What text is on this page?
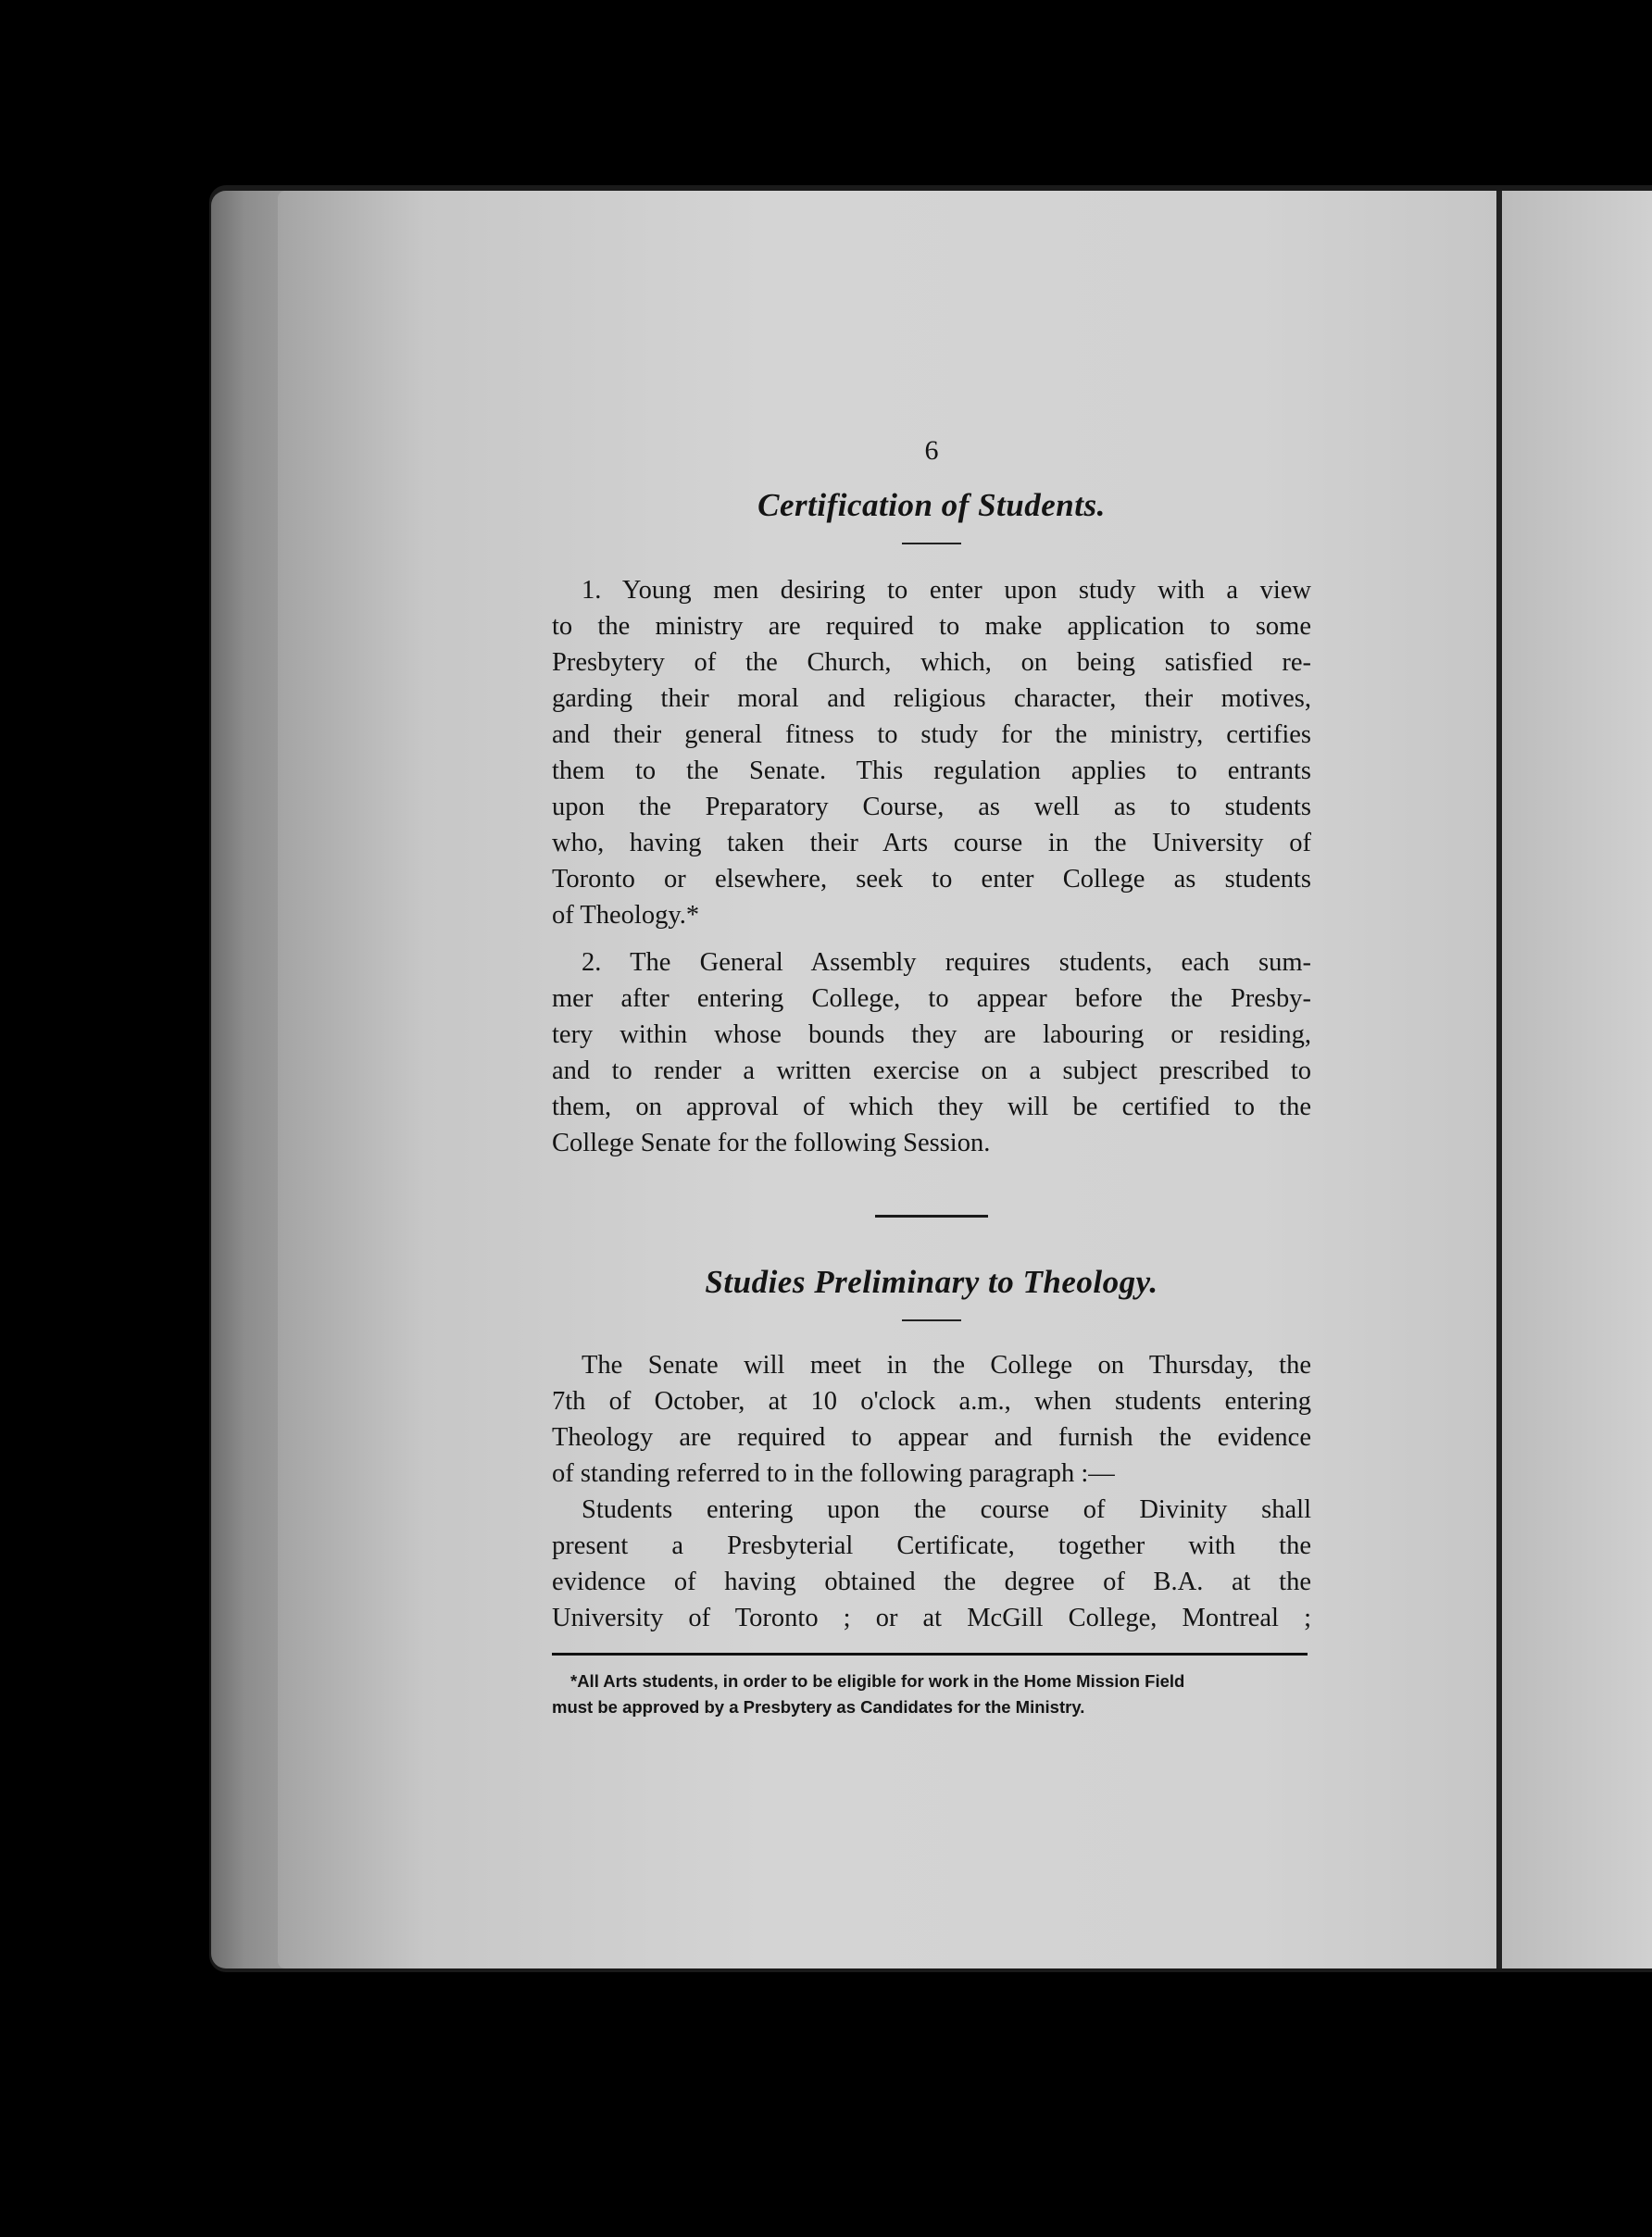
6

Certification of Students.

1. Young men desiring to enter upon study with a view
to the ministry are required to make application to some
Presbytery of the Church, which, on being satisfied re-
garding their moral and religious character, their motives,
and their general fitness to study for the ministry, certifies
them to the Senate. This regulation applies to entrants
upon the Preparatory Course, as well as to students
who, having taken their Arts course in the University of
Toronto or elsewhere, seek to enter College as students
of Theology.*

2. The General Assembly requires students, each sum-
mer after entering College, to appear before the Presby-
tery within whose bounds they are labouring or residing,
and to render a written exercise on a subject prescribed to
them, on approval of which they will be certified to the
College Senate for the following Session.

Studies Preliminary to Theology.

The Senate will meet in the College on Thursday, the
7th of October, at 10 o'clock a.m., when students entering
Theology are required to appear and furnish the evidence
of standing referred to in the following paragraph :—

Students entering upon the course of Divinity shall
present a Presbyterial Certificate, together with the
evidence of having obtained the degree of B.A. at the
University of Toronto ; or at McGill College, Montreal ;

*All Arts students, in order to be eligible for work in the Home Mission Field
must be approved by a Presbytery as Candidates for the Ministry.
